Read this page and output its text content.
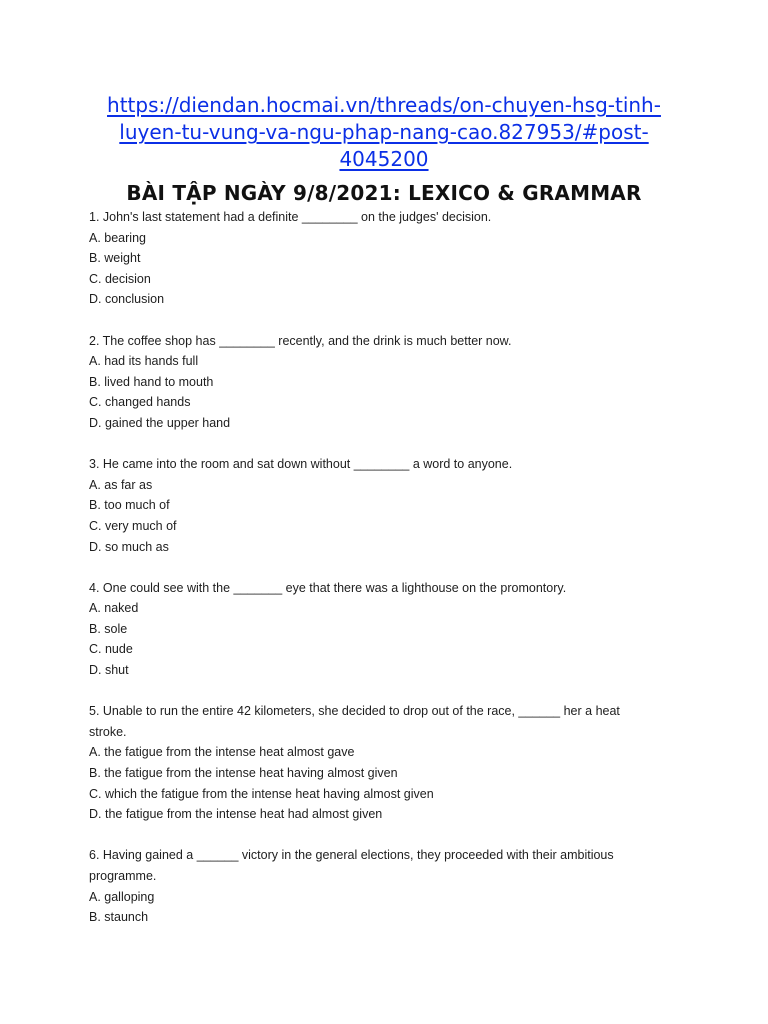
https://diendan.hocmai.vn/threads/on-chuyen-hsg-tinh-
luyen-tu-vung-va-ngu-phap-nang-cao.827953/#post-
4045200
BÀI TẬP NGÀY 9/8/2021: LEXICO & GRAMMAR
1. John's last statement had a definite ________ on the judges' decision.
A. bearing
B. weight
C. decision
D. conclusion
2. The coffee shop has ________ recently, and the drink is much better now.
A. had its hands full
B. lived hand to mouth
C. changed hands
D. gained the upper hand
3. He came into the room and sat down without ________ a word to anyone.
A. as far as
B. too much of
C. very much of
D. so much as
4. One could see with the _______ eye that there was a lighthouse on the promontory.
A. naked
B. sole
C. nude
D. shut
5. Unable to run the entire 42 kilometers, she decided to drop out of the race, ______ her a heat
stroke.
A. the fatigue from the intense heat almost gave
B. the fatigue from the intense heat having almost given
C. which the fatigue from the intense heat having almost given
D. the fatigue from the intense heat had almost given
6. Having gained a ______ victory in the general elections, they proceeded with their ambitious
programme.
A. galloping
B. staunch
